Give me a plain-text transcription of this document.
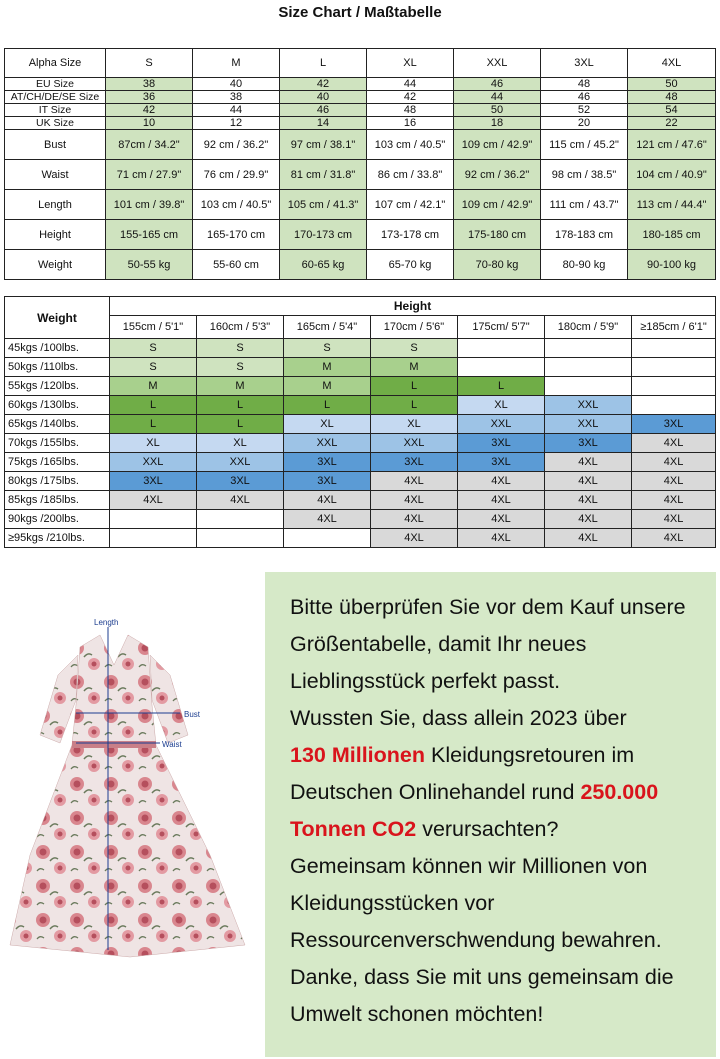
Size Chart / Maßtabelle
Alpha Size	S	M	L	XL	XXL	3XL	4XL
EU Size	38	40	42	44	46	48	50
AT/CH/DE/SE Size	36	38	40	42	44	46	48
IT Size	42	44	46	48	50	52	54
UK Size	10	12	14	16	18	20	22
Bust	87cm / 34.2"	92 cm / 36.2"	97 cm / 38.1"	103 cm / 40.5"	109 cm / 42.9"	115 cm / 45.2"	121 cm / 47.6"
Waist	71 cm / 27.9"	76 cm / 29.9"	81 cm / 31.8"	86 cm / 33.8"	92 cm / 36.2"	98 cm / 38.5"	104 cm / 40.9"
Length	101 cm / 39.8"	103 cm / 40.5"	105 cm / 41.3"	107 cm / 42.1"	109 cm / 42.9"	111 cm / 43.7"	113 cm / 44.4"
Height	155-165 cm	165-170 cm	170-173 cm	173-178 cm	175-180 cm	178-183 cm	180-185 cm
Weight	50-55 kg	55-60 cm	60-65 kg	65-70 kg	70-80 kg	80-90 kg	90-100 kg
Weight	Height						
	155cm / 5'1"	160cm / 5'3"	165cm / 5'4"	170cm / 5'6"	175cm/ 5'7"	180cm / 5'9"	≥185cm / 6'1"
45kgs /100lbs.	S	S	S	S			
50kgs /110lbs.	S	S	M	M			
55kgs /120lbs.	M	M	M	L	L		
60kgs /130lbs.	L	L	L	L	XL	XXL	
65kgs /140lbs.	L	L	XL	XL	XXL	XXL	3XL
70kgs /155lbs.	XL	XL	XXL	XXL	3XL	3XL	4XL
75kgs /165lbs.	XXL	XXL	3XL	3XL	3XL	4XL	4XL
80kgs /175lbs.	3XL	3XL	3XL	4XL	4XL	4XL	4XL
85kgs /185lbs.	4XL	4XL	4XL	4XL	4XL	4XL	4XL
90kgs /200lbs.			4XL	4XL	4XL	4XL	4XL
≥95kgs /210lbs.				4XL	4XL	4XL	4XL
Length
Bust
Waist

Bitte überprüfen Sie vor dem Kauf unsere

Größentabelle, damit Ihr neues

Lieblingsstück perfekt passt.

Wussten Sie, dass allein 2023 über

130 Millionen Kleidungsretouren im

Deutschen Onlinehandel rund 250.000

Tonnen CO2 verursachten?

Gemeinsam können wir Millionen von

Kleidungsstücken vor

Ressourcenverschwendung bewahren.

Danke, dass Sie mit uns gemeinsam die

Umwelt schonen möchten!
